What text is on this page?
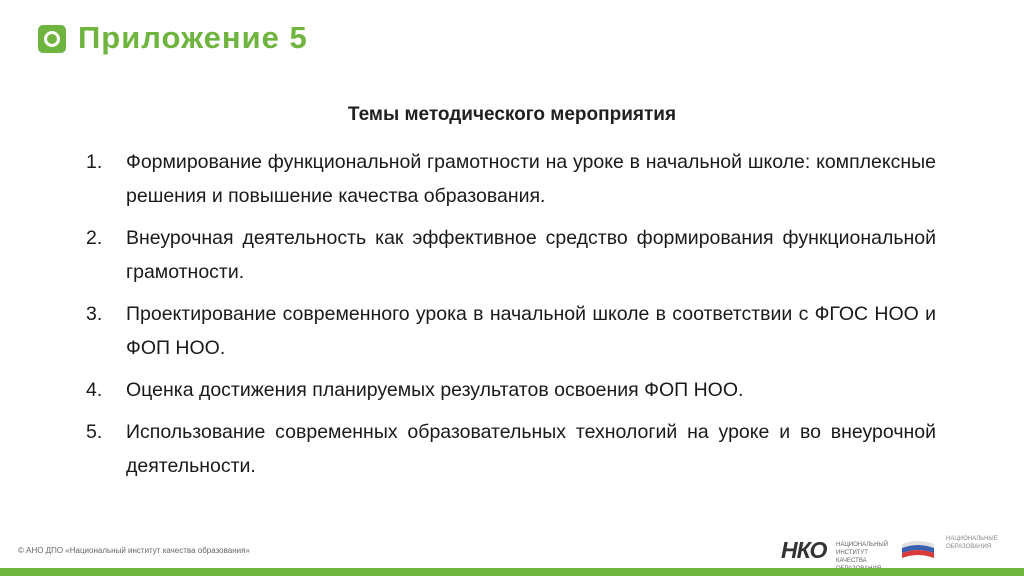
Приложение 5
Темы методического мероприятия
1. Формирование функциональной грамотности на уроке в начальной школе: комплексные решения и повышение качества образования.
2. Внеурочная деятельность как эффективное средство формирования функциональной грамотности.
3. Проектирование современного урока в начальной школе в соответствии с ФГОС НОО и ФОП НОО.
4. Оценка достижения планируемых результатов освоения ФОП НОО.
5. Использование современных образовательных технологий на уроке и во внеурочной деятельности.
© АНО ДПО «Национальный институт качества образования»	НКО НАЦИОНАЛЬНЫЙ ИНСТИТУТ КАЧЕСТВА
НАЦИОНАЛЬНЫЕ ОБРАЗОВАНИЯ
